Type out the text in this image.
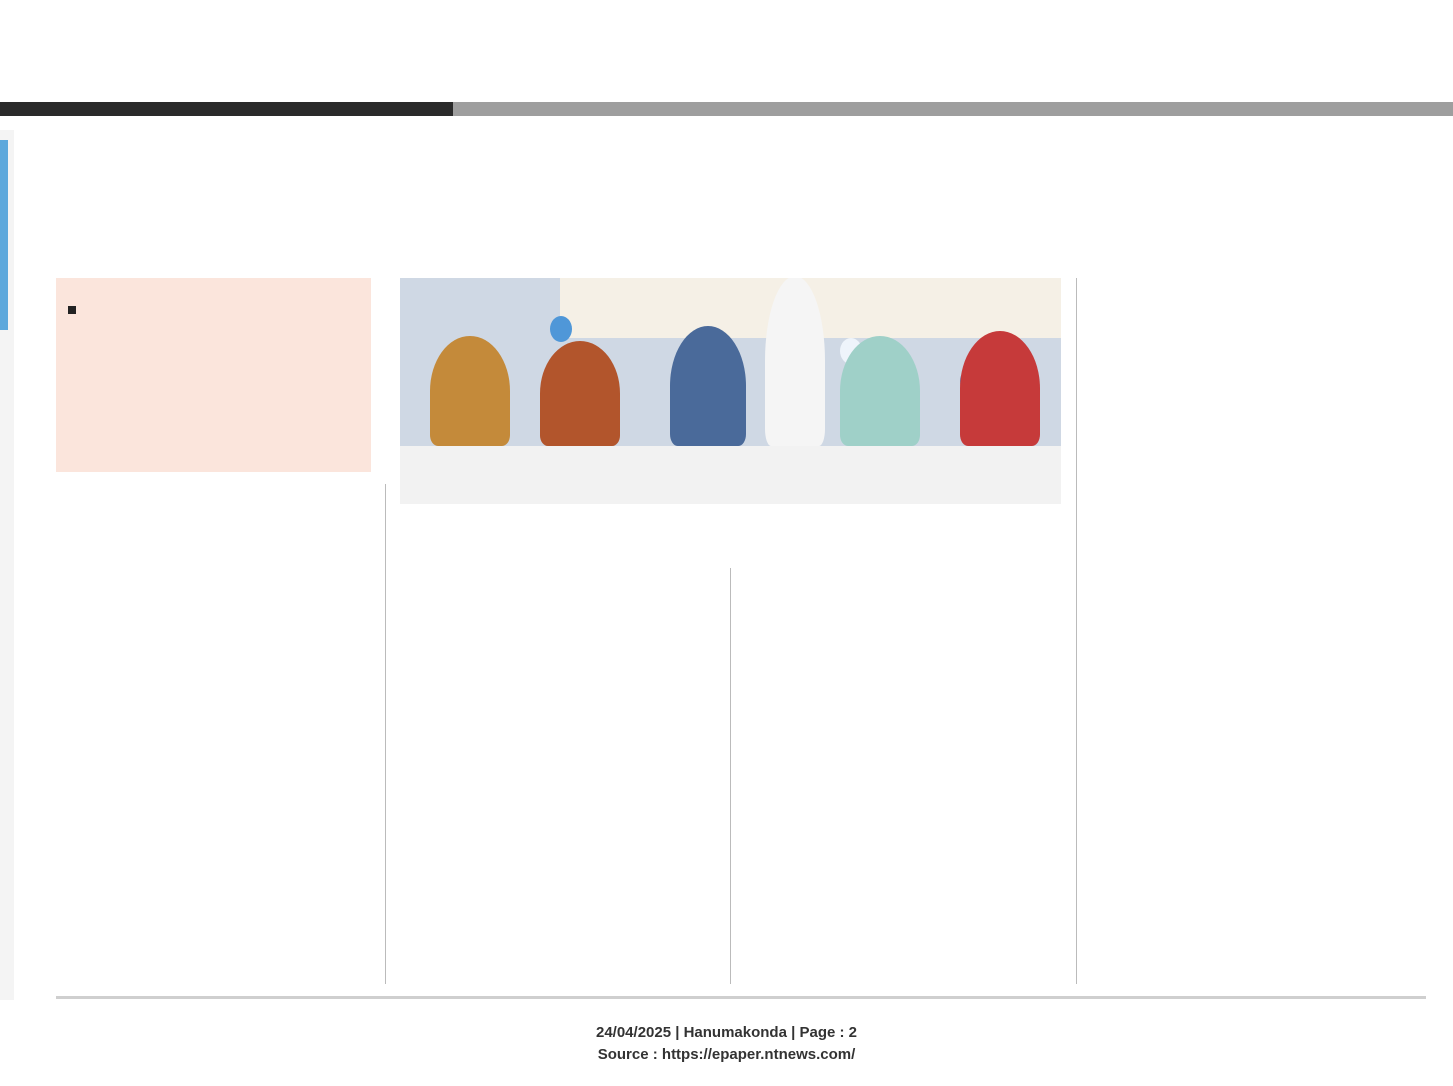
24/04/2025 | Hanumakonda | Page : 2
Source : https://epaper.ntnews.com/
